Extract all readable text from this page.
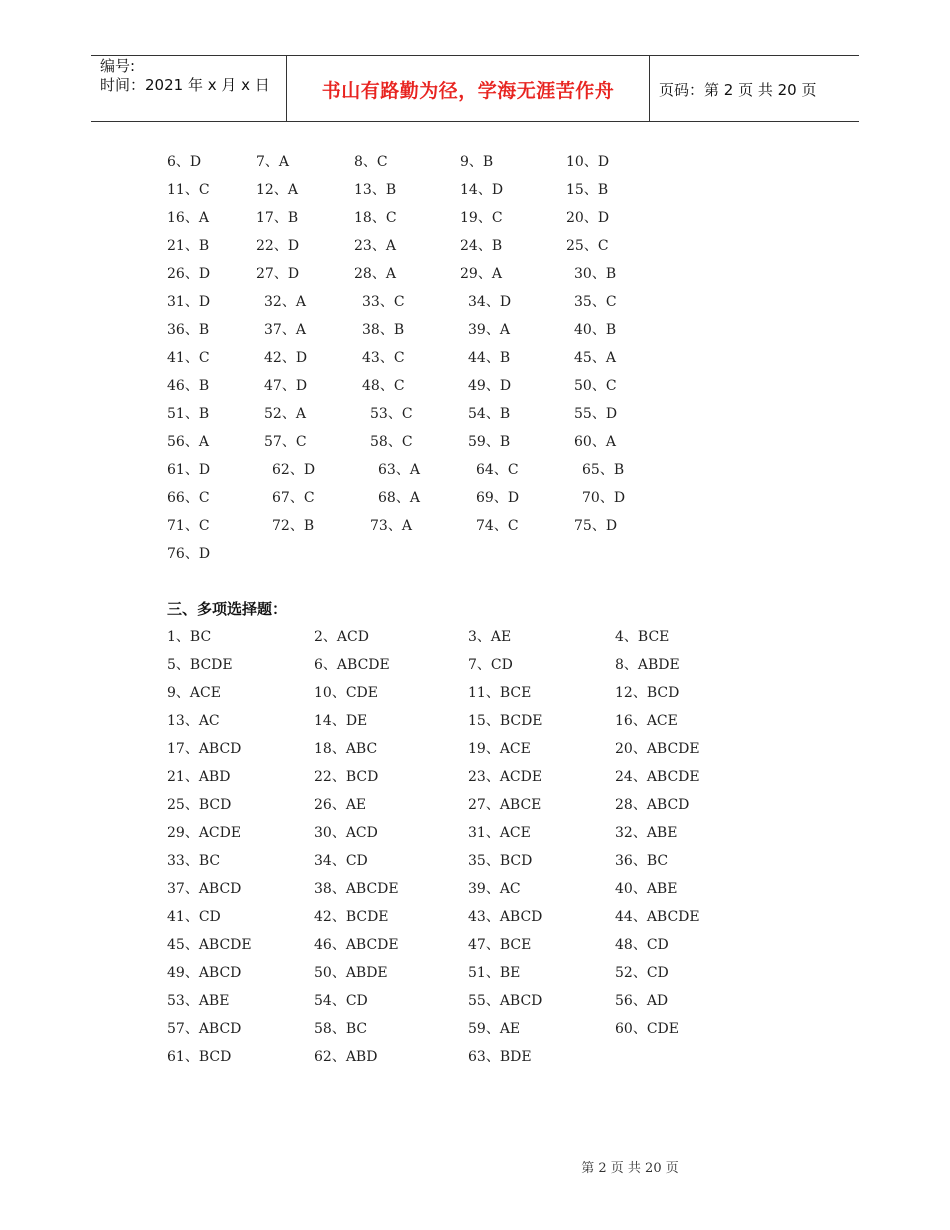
编号:
时间：2021 年 x 月 x 日	书山有路勤为径，学海无涯苦作舟	页码：第 2 页 共 20 页
6、D	7、A	8、C	9、B	10、D
11、C	12、A	13、B	14、D	15、B
16、A	17、B	18、C	19、C	20、D
21、B	22、D	23、A	24、B	25、C
26、D	27、D	28、A	29、A	30、B
31、D	32、A	33、C	34、D	35、C
36、B	37、A	38、B	39、A	40、B
41、C	42、D	43、C	44、B	45、A
46、B	47、D	48、C	49、D	50、C
51、B	52、A	53、C	54、B	55、D
56、A	57、C	58、C	59、B	60、A
61、D	62、D	63、A	64、C	65、B
66、C	67、C	68、A	69、D	70、D
71、C	72、B	73、A	74、C	75、D
76、D
三、多项选择题：
1、BC	2、ACD	3、AE	4、BCE
5、BCDE	6、ABCDE	7、CD	8、ABDE
9、ACE	10、CDE	11、BCE	12、BCD
13、AC	14、DE	15、BCDE	16、ACE
17、ABCD	18、ABC	19、ACE	20、ABCDE
21、ABD	22、BCD	23、ACDE	24、ABCDE
25、BCD	26、AE	27、ABCE	28、ABCD
29、ACDE	30、ACD	31、ACE	32、ABE
33、BC	34、CD	35、BCD	36、BC
37、ABCD	38、ABCDE	39、AC	40、ABE
41、CD	42、BCDE	43、ABCD	44、ABCDE
45、ABCDE	46、ABCDE	47、BCE	48、CD
49、ABCD	50、ABDE	51、BE	52、CD
53、ABE	54、CD	55、ABCD	56、AD
57、ABCD	58、BC	59、AE	60、CDE
61、BCD	62、ABD	63、BDE
第 2 页 共 20 页
